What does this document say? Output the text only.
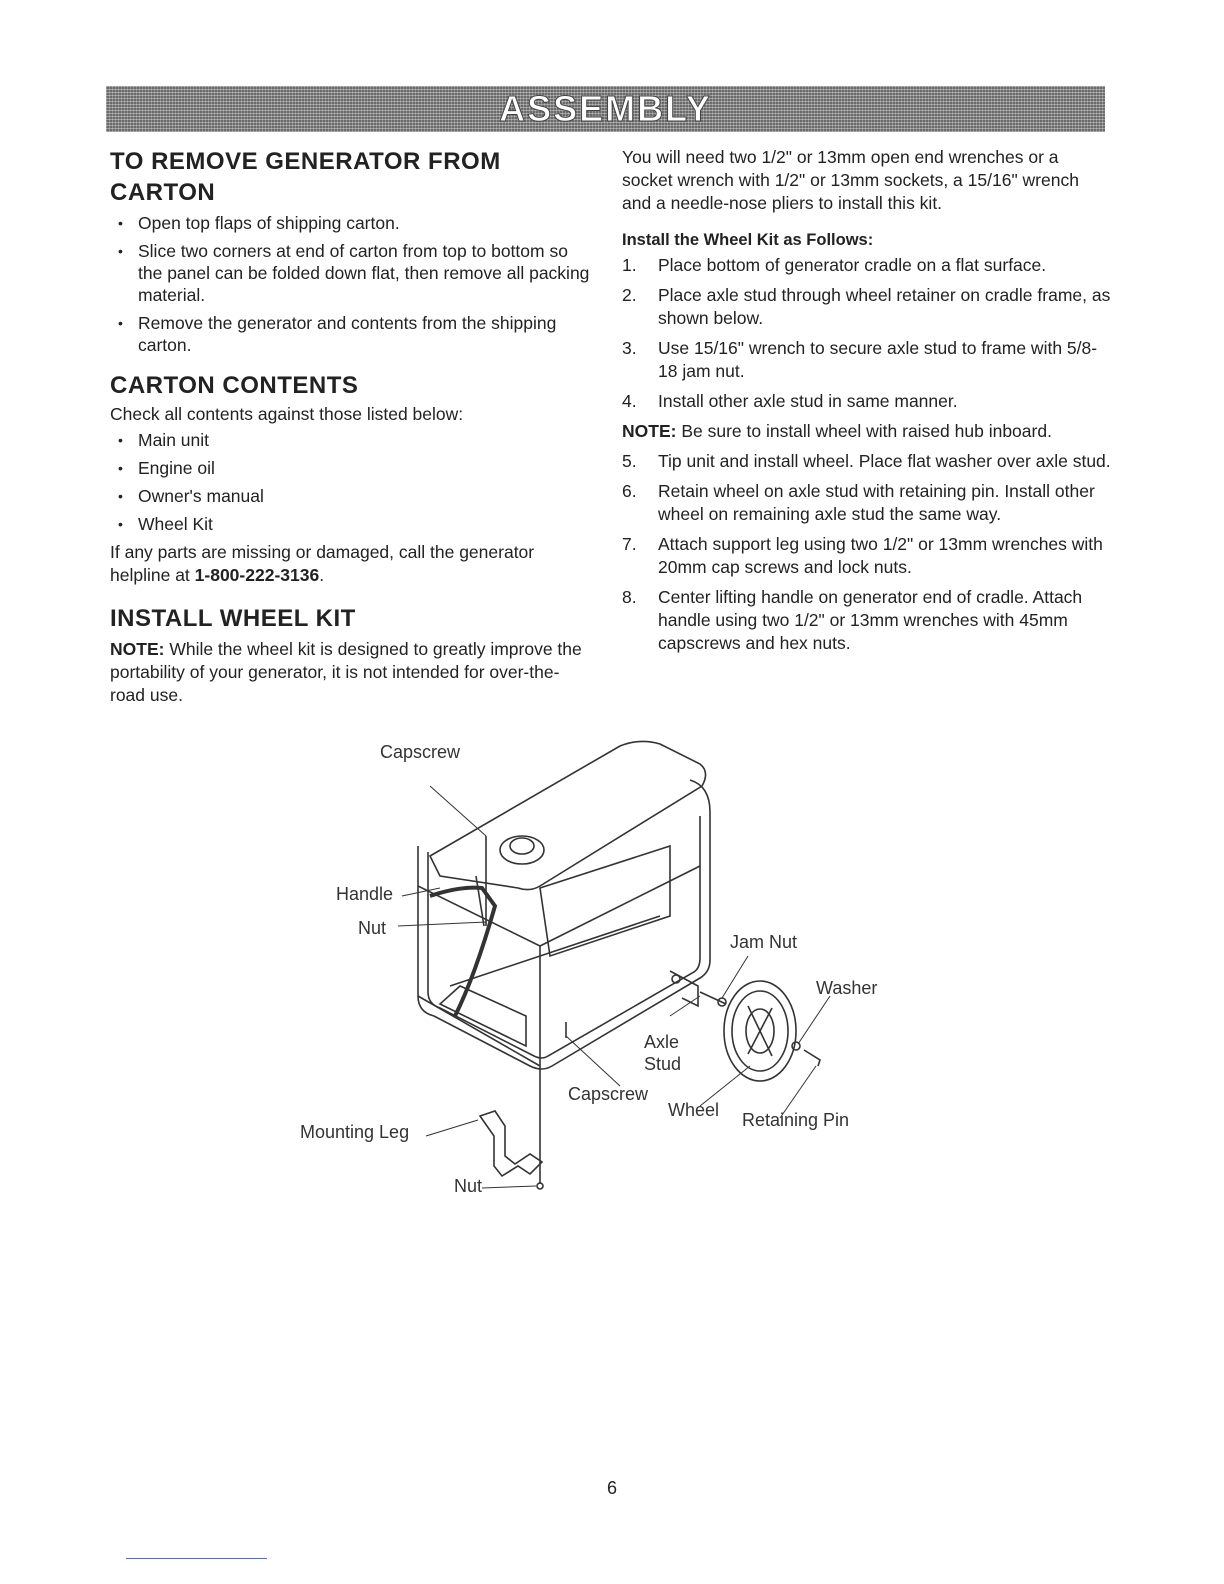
ASSEMBLY
TO REMOVE GENERATOR FROM CARTON
• Open top flaps of shipping carton.
• Slice two corners at end of carton from top to bottom so the panel can be folded down flat, then remove all packing material.
• Remove the generator and contents from the shipping carton.
CARTON CONTENTS

Check all contents against those listed below:

• Main unit
• Engine oil
• Owner's manual
• Wheel Kit

If any parts are missing or damaged, call the generator helpline at 1-800-222-3136.

INSTALL WHEEL KIT

NOTE: While the wheel kit is designed to greatly improve the portability of your generator, it is not intended for over-the-road use.

You will need two 1/2" or 13mm open end wrenches or a socket wrench with 1/2" or 13mm sockets, a 15/16" wrench and a needle-nose pliers to install this kit.

Install the Wheel Kit as Follows:
1. Place bottom of generator cradle on a flat surface.
2. Place axle stud through wheel retainer on cradle frame, as shown below.
3. Use 15/16" wrench to secure axle stud to frame with 5/8-18 jam nut.
4. Install other axle stud in same manner.
NOTE: Be sure to install wheel with raised hub inboard.
5. Tip unit and install wheel. Place flat washer over axle stud.
6. Retain wheel on axle stud with retaining pin. Install other wheel on remaining axle stud the same way.
7. Attach support leg using two 1/2" or 13mm wrenches with 20mm cap screws and lock nuts.
8. Center lifting handle on generator end of cradle. Attach handle using two 1/2" or 13mm wrenches with 45mm capscrews and hex nuts.
Capscrew
Handle
Nut
Jam Nut
Washer
Axle
Stud
Capscrew
Wheel Retaining Pin
Mounting Leg
Nut
6
